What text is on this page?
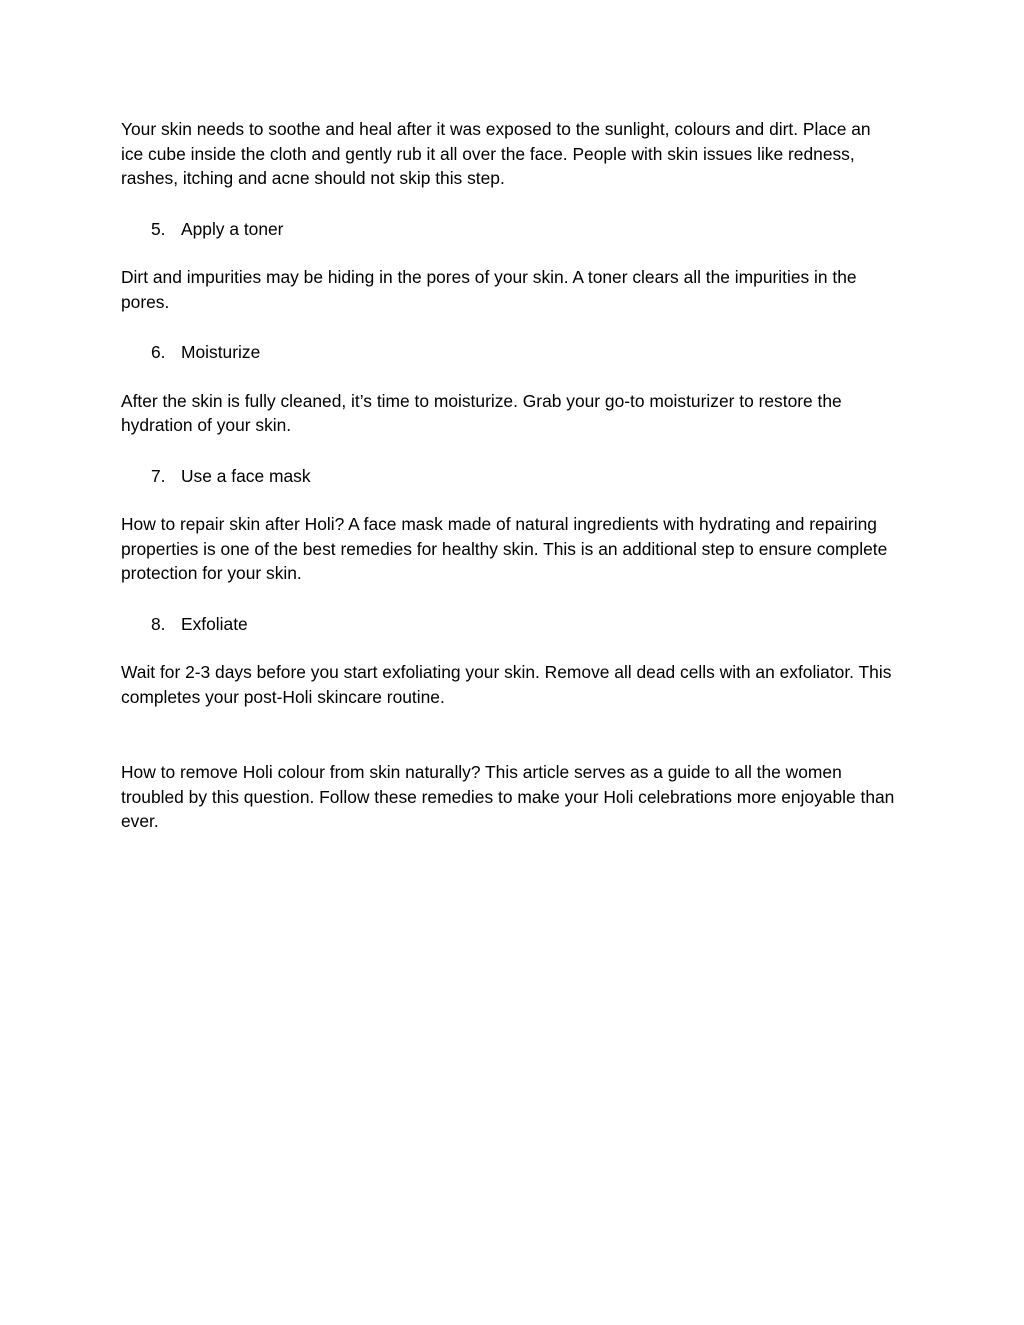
Your skin needs to soothe and heal after it was exposed to the sunlight, colours and dirt. Place an ice cube inside the cloth and gently rub it all over the face. People with skin issues like redness, rashes, itching and acne should not skip this step.

5. Apply a toner

Dirt and impurities may be hiding in the pores of your skin. A toner clears all the impurities in the pores.

6. Moisturize

After the skin is fully cleaned, it’s time to moisturize. Grab your go-to moisturizer to restore the hydration of your skin.

7. Use a face mask

How to repair skin after Holi? A face mask made of natural ingredients with hydrating and repairing properties is one of the best remedies for healthy skin. This is an additional step to ensure complete protection for your skin.

8. Exfoliate

Wait for 2-3 days before you start exfoliating your skin. Remove all dead cells with an exfoliator. This completes your post-Holi skincare routine.

How to remove Holi colour from skin naturally? This article serves as a guide to all the women troubled by this question. Follow these remedies to make your Holi celebrations more enjoyable than ever.
